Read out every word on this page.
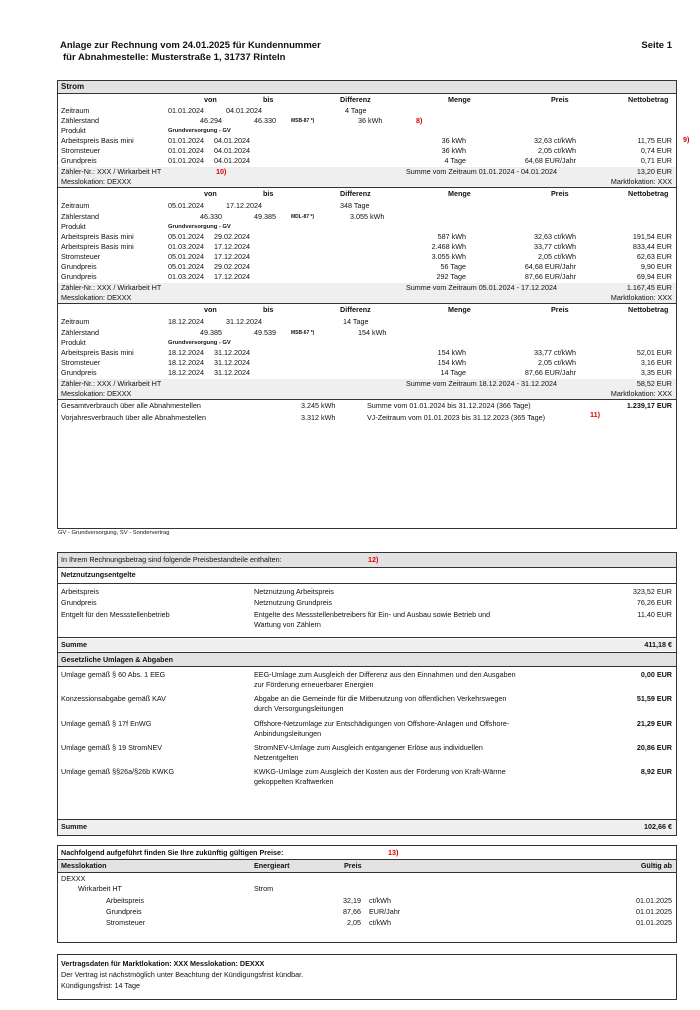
Anlage zur Rechnung vom 24.01.2025 für Kundennummer
für Abnahmestelle: Musterstraße 1, 31737 Rinteln
Seite 1
Strom
von	bis	Differenz	Menge	Preis	Nettobetrag
Zeitraum	01.01.2024	04.01.2024	4 Tage
Zählerstand	46.294	46.330	MSB-87 *)	36 kWh	8)
Produkt	Grundversorgung - GV
Arbeitspreis Basis mini	01.01.2024 04.01.2024	36 kWh	32,63 ct/kWh	11,75 EUR
Stromsteuer	01.01.2024 04.01.2024	36 kWh	2,05 ct/kWh	0,74 EUR
Grundpreis	01.01.2024 04.01.2024	4 Tage	64,68 EUR/Jahr	0,71 EUR
Zähler-Nr.: XXX / Wirkarbeit HT	10)	Summe vom Zeitraum 01.01.2024 - 04.01.2024	13,20 EUR
Messlokation: DEXXX	Marktlokation: XXX
von	bis	Differenz	Menge	Preis	Nettobetrag
Zeitraum	05.01.2024	17.12.2024	348 Tage
Zählerstand	46.330	49.385	MDL-87 *)	3.055 kWh
Produkt	Grundversorgung - GV
Arbeitspreis Basis mini	05.01.2024 29.02.2024	587 kWh	32,63 ct/kWh	191,54 EUR
Arbeitspreis Basis mini	01.03.2024 17.12.2024	2.468 kWh	33,77 ct/kWh	833,44 EUR
Stromsteuer	05.01.2024 17.12.2024	3.055 kWh	2,05 ct/kWh	62,63 EUR
Grundpreis	05.01.2024 29.02.2024	56 Tage	64,68 EUR/Jahr	9,90 EUR
Grundpreis	01.03.2024 17.12.2024	292 Tage	87,66 EUR/Jahr	69,94 EUR
Zähler-Nr.: XXX / Wirkarbeit HT	Summe vom Zeitraum 05.01.2024 - 17.12.2024	1.167,45 EUR
Messlokation: DEXXX	Marktlokation: XXX
von	bis	Differenz	Menge	Preis	Nettobetrag
Zeitraum	18.12.2024	31.12.2024	14 Tage
Zählerstand	49.385	49.539	MSB-67 *)	154 kWh
Produkt	Grundversorgung - GV
Arbeitspreis Basis mini	18.12.2024 31.12.2024	154 kWh	33,77 ct/kWh	52,01 EUR
Stromsteuer	18.12.2024 31.12.2024	154 kWh	2,05 ct/kWh	3,16 EUR
Grundpreis	18.12.2024 31.12.2024	14 Tage	87,66 EUR/Jahr	3,35 EUR
Zähler-Nr.: XXX / Wirkarbeit HT	Summe vom Zeitraum 18.12.2024 - 31.12.2024	58,52 EUR
Messlokation: DEXXX	Marktlokation: XXX
Gesamtverbrauch über alle Abnahmestellen	3.245 kWh	Summe vom 01.01.2024 bis 31.12.2024 (366 Tage)	1.239,17 EUR
Vorjahresverbrauch über alle Abnahmestellen	3.312 kWh	VJ-Zeitraum vom 01.01.2023 bis 31.12.2023 (365 Tage)	11)
GV - Grundversorgung, SV - Sondervertrag
9)
In Ihrem Rechnungsbetrag sind folgende Preisbestandteile enthalten:	12)
Netznutzungsentgelte
Arbeitspreis	Netznutzung Arbeitspreis	323,52 EUR
Grundpreis	Netznutzung Grundpreis	76,26 EUR
Entgelt für den Messstellenbetrieb	Entgelte des Messstellenbetreibers für Ein- und Ausbau sowie Betrieb und	11,40 EUR
Wartung von Zählern
Summe	411,18 €
Gesetzliche Umlagen & Abgaben
Umlage gemäß § 60 Abs. 1 EEG	EEG-Umlage zum Ausgleich der Differenz aus den Einnahmen und den Ausgaben	0,00 EUR
zur Förderung erneuerbarer Energien
Konzessionsabgabe gemäß KAV	Abgabe an die Gemeinde für die Mitbenutzung von öffentlichen Verkehrswegen	51,59 EUR
durch Versorgungsleitungen
Umlage gemäß § 17f EnWG	Offshore-Netzumlage zur Entschädigungen von Offshore-Anlagen und Offshore-	21,29 EUR
Anbindungsleitungen
Umlage gemäß § 19 StromNEV	StromNEV-Umlage zum Ausgleich entgangener Erlöse aus individuellen	20,86 EUR
Netzentgelten
Umlage gemäß §§26a/§26b KWKG	KWKG-Umlage zum Ausgleich der Kosten aus der Förderung von Kraft-Wärme	8,92 EUR
gekoppelten Kraftwerken
Summe	102,66 €
Nachfolgend aufgeführt finden Sie Ihre zukünftig gültigen Preise:	13)
Messlokation	Energieart	Preis	Gültig ab
DEXXX
Wirkarbeit HT	Strom
Arbeitspreis	32,19 ct/kWh	01.01.2025
Grundpreis	87,66 EUR/Jahr	01.01.2025
Stromsteuer	2,05 ct/kWh	01.01.2025
Vertragsdaten für Marktlokation: XXX Messlokation: DEXXX
Der Vertrag ist nächstmöglich unter Beachtung der Kündigungsfrist kündbar.
Kündigungsfrist: 14 Tage
